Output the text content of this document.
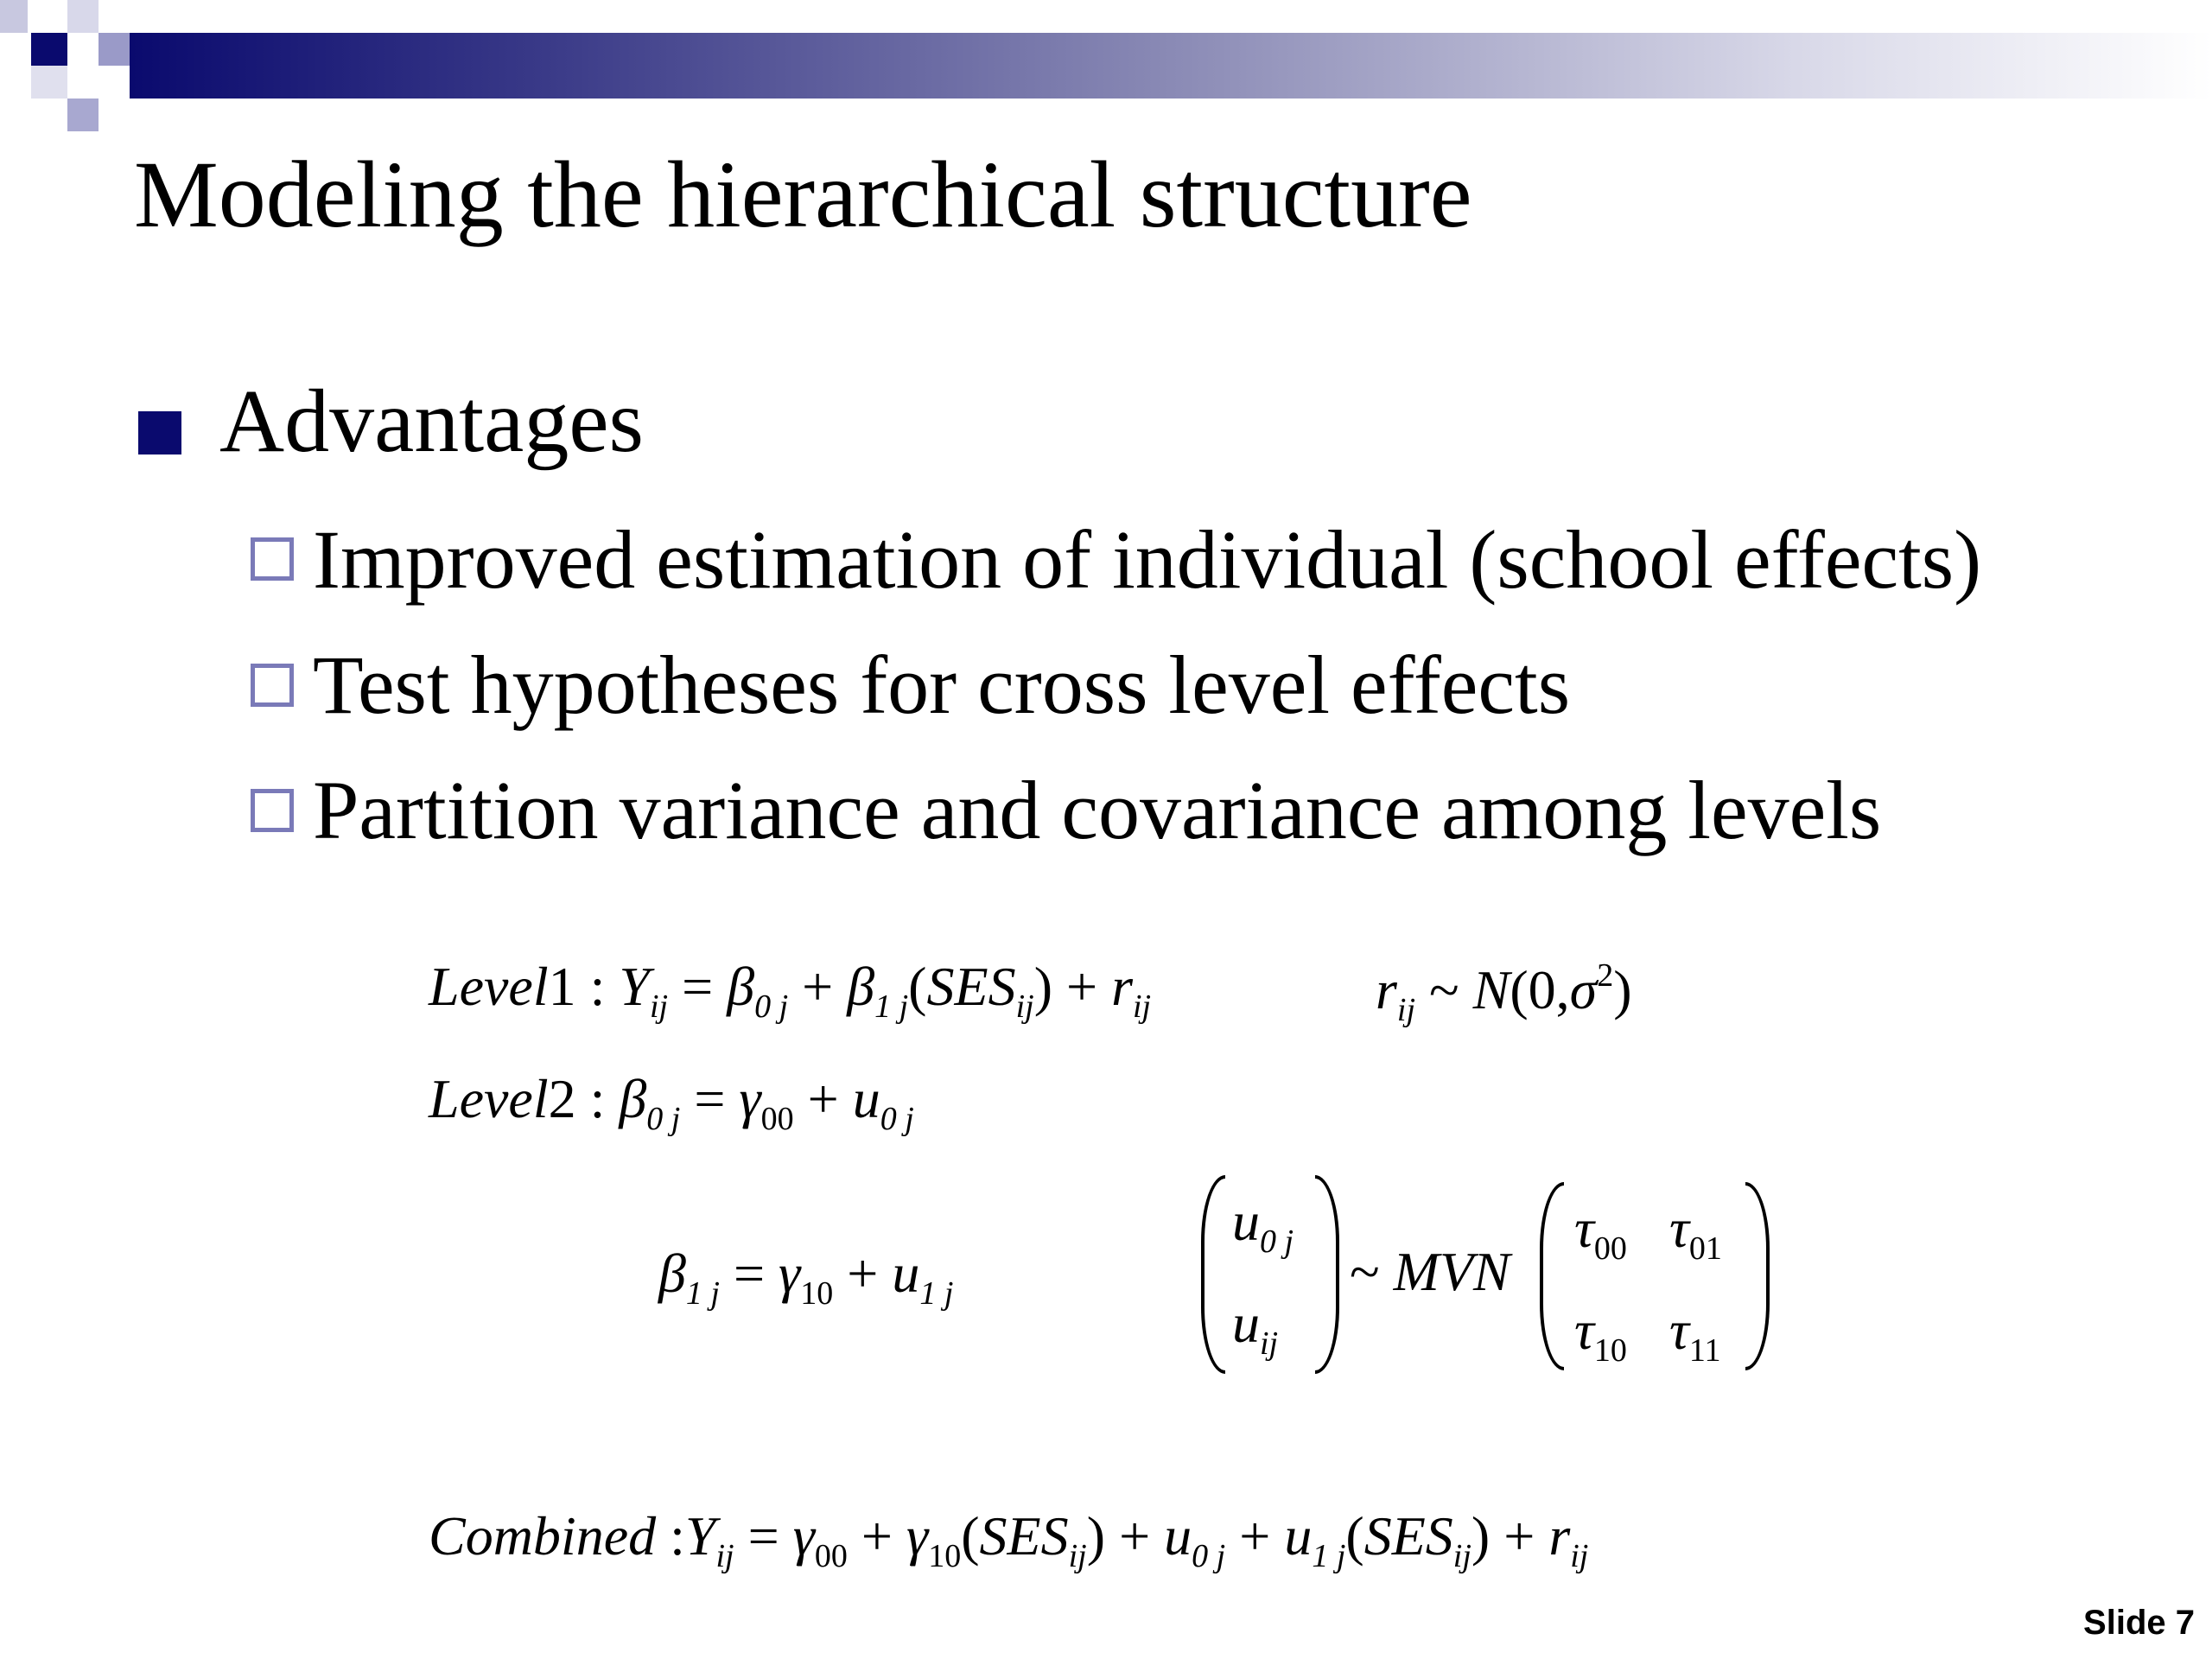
Modeling the hierarchical structure
Advantages
Improved estimation of individual (school effects)
Test hypotheses for cross level effects
Partition variance and covariance among levels
Level1 : $Y_{ij} = \beta_{0 j} + \beta_{1 j}(SES_{ij}) + r_{ij}$	$r_{ij}$ ~ $N(0,\sigma^2)$
Level2 : $\beta_{0 j} = \gamma_{00} + u_{0 j}$
$\beta_{1 j} = \gamma_{10} + u_{1 j}$
$u_{0 j}$
$u_{ij}$
~ MVN
$\tau_{00}$ $\tau_{01}$
$\tau_{10}$ $\tau_{11}$
Combined $:Y_{ij} = \gamma_{00} + \gamma_{10}(SES_{ij}) + u_{0 j} + u_{1 j}(SES_{ij}) + r_{ij}$
Slide 7
